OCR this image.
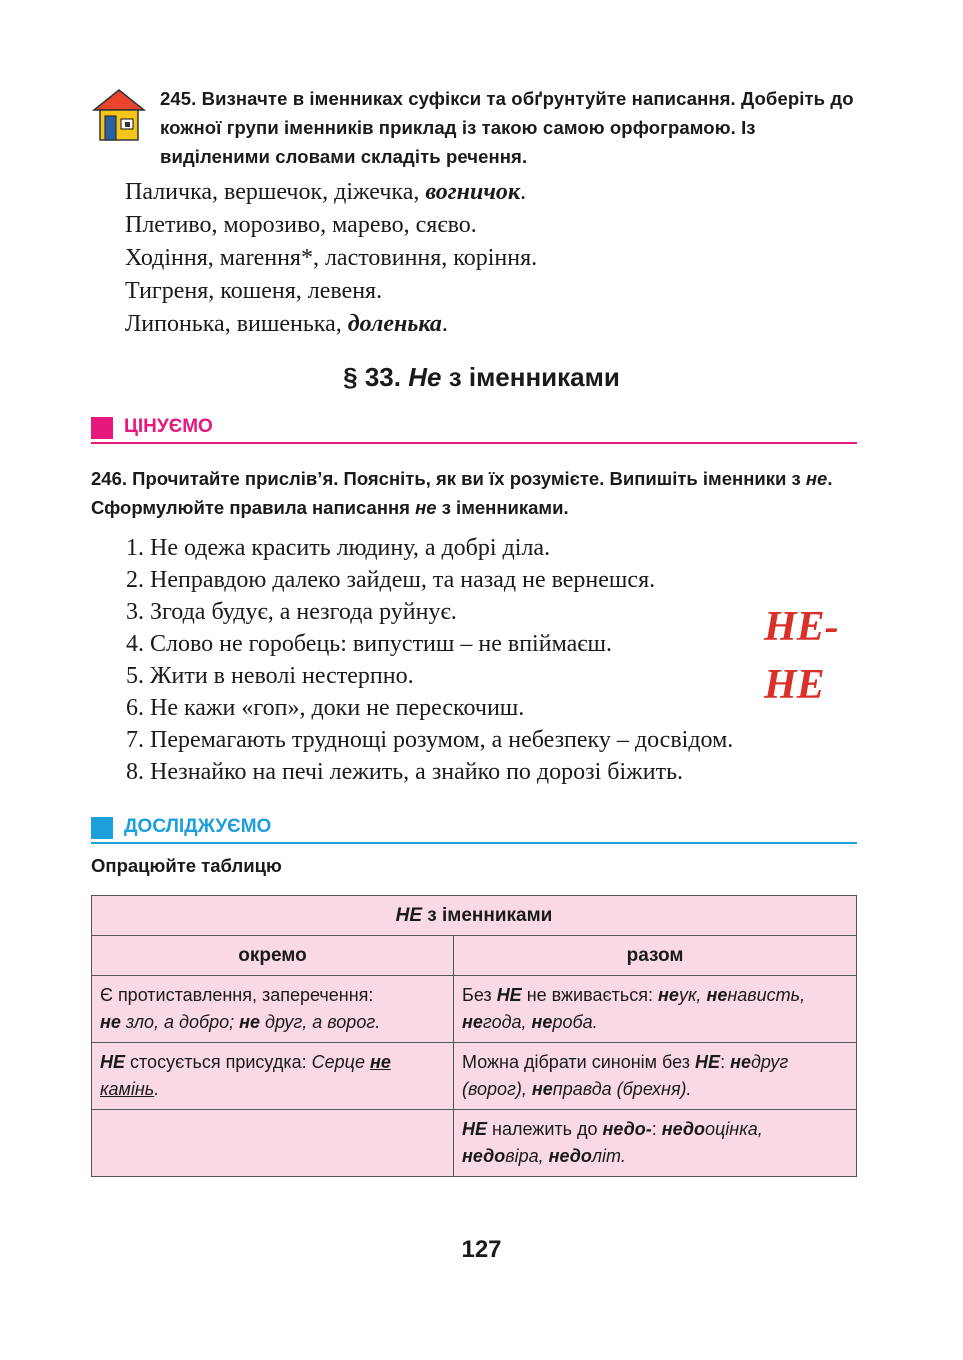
245. Визначте в іменниках суфікси та обґрунтуйте написання. Доберіть до кожної групи іменників приклад із такою самою орфограмою. Із виділеними словами складіть речення.
Паличка, вершечок, діжечка, вогничок.
Плетиво, морозиво, марево, сяєво.
Ходіння, мarення*, ластовиння, коріння.
Тигреня, кошеня, левеня.
Липонька, вишенька, доленька.
§ 33. Не з іменниками
ЦІНУЄМО
246. Прочитайте прислів’я. Поясніть, як ви їх розумієте. Випишіть іменники з не. Сформулюйте правила написання не з іменниками.
1. Не одежа красить людину, а добрі діла.
2. Неправдою далеко зайдеш, та назад не вернешся.
3. Згода будує, а незгода руйнує.
4. Слово не горобець: випустиш – не впіймаєш.
5. Жити в неволі нестерпно.
6. Не кажи «гоп», доки не перескочиш.
7. Перемагають труднощі розумом, а небезпеку – досвідом.
8. Незнайко на печі лежить, а знайко по дорозі біжить.
НЕ-
НЕ
ДОСЛІДЖУЄМО
Опрацюйте таблицю
НЕ з іменниками	
окремо	разом
Є протиставлення, заперечення:
не зло, а добро; не друг, а ворог.	Без НЕ не вживається: неук, ненависть, негода, нероба.
НЕ стосується присудка: Серце не камінь.	Можна дібрати синонім без НЕ: недруг (ворог), неправда (брехня).
	НЕ належить до недо-: недооцінка, недовіра, недоліт.
127
